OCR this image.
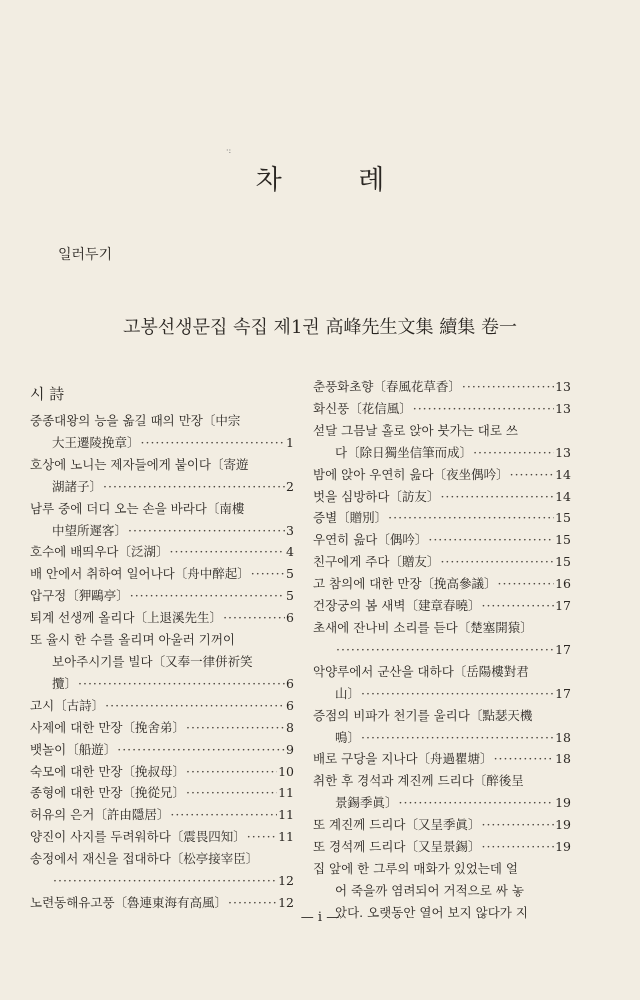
·:
차	례
일러두기
고봉선생문집 속집 제1권 高峰先生文集 續集 卷一
시 詩
중종대왕의 능을 옮길 때의 만장〔中宗
大王遷陵挽章〕 ·····	1
호상에 노니는 제자들에게 붙이다〔寄遊
湖諸子〕 ·····	2
남루 중에 더디 오는 손을 바라다〔南樓
中望所遲客〕 ·····	3
호수에 배띄우다〔泛湖〕 ·····	4
배 안에서 취하여 일어나다〔舟中醉起〕 ·····	5
압구정〔狎鷗亭〕 ·····	5
퇴계 선생께 올리다〔上退溪先生〕 ·····	6
또 율시 한 수를 올리며 아울러 기꺼이
보아주시기를 빌다〔又奉一律併祈笑
攬〕 ·····	6
고시〔古詩〕 ·····	6
사제에 대한 만장〔挽舍弟〕 ·····	8
뱃놀이〔船遊〕 ·····	9
숙모에 대한 만장〔挽叔母〕 ·····	10
종형에 대한 만장〔挽從兄〕 ·····	11
허유의 은거〔許由隱居〕 ·····	11
양진이 사지를 두려워하다〔震畏四知〕 ·····	11
송정에서 재신을 접대하다〔松亭接宰臣〕
·····
12
노련동해유고풍〔魯連東海有高風〕 ·····	12
춘풍화초향〔春風花草香〕 ·····	13
화신풍〔花信風〕 ·····	13
섣달 그믐날 홀로 앉아 붓가는 대로 쓰
다〔除日獨坐信筆而成〕 ·····	13
밤에 앉아 우연히 읊다〔夜坐偶吟〕 ·····	14
벗을 심방하다〔訪友〕 ·····	14
증별〔贈別〕 ·····	15
우연히 읊다〔偶吟〕 ·····	15
친구에게 주다〔贈友〕 ·····	15
고 참의에 대한 만장〔挽高參議〕 ·····	16
건장궁의 봄 새벽〔建章春曉〕 ·····	17
초새에 잔나비 소리를 듣다〔楚塞開猿〕
·····
17
악양루에서 군산을 대하다〔岳陽樓對君
山〕 ·····	17
증점의 비파가 천기를 울리다〔點瑟天機
鳴〕 ·····	18
배로 구당을 지나다〔舟過瞿塘〕 ·····	18
취한 후 경석과 계진께 드리다〔醉後呈
景錫季眞〕 ·····	19
또 계진께 드리다〔又呈季眞〕 ·····	19
또 경석께 드리다〔又呈景錫〕 ·····	19
집 앞에 한 그루의 매화가 있었는데 얼
어 죽을까 염려되어 거적으로 싸 놓
았다. 오랫동안 열어 보지 않다가 지
— i —
